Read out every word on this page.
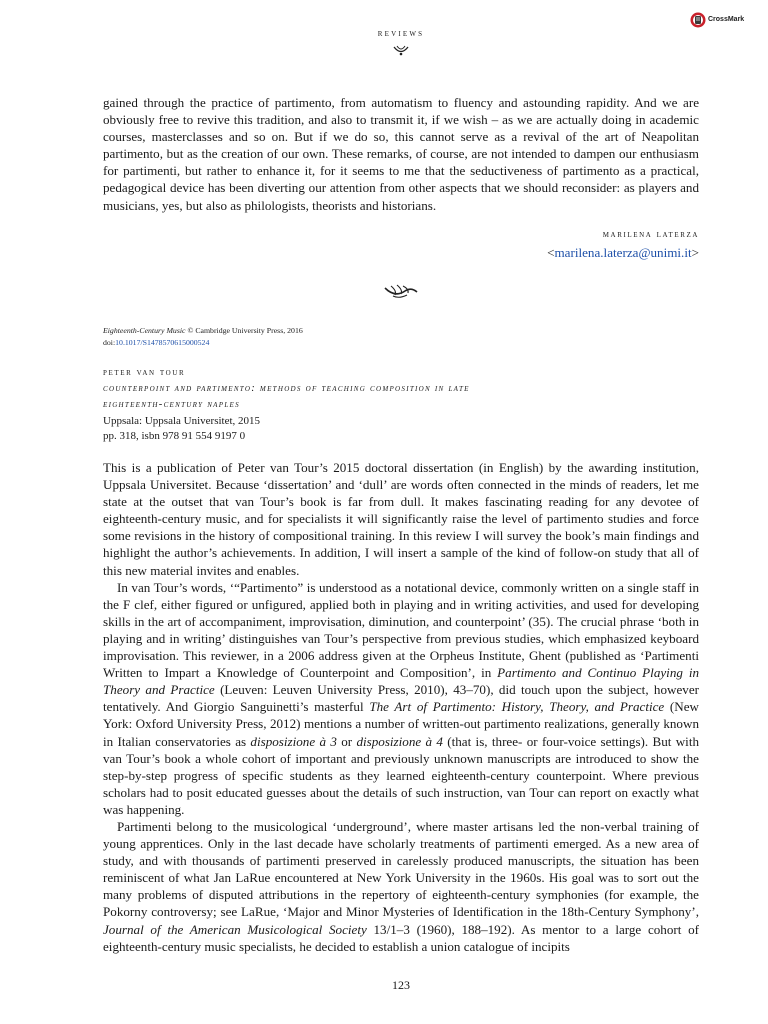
CrossMark
reviews

gained through the practice of partimento, from automatism to fluency and astounding rapidity. And we are obviously free to revive this tradition, and also to transmit it, if we wish – as we are actually doing in academic courses, masterclasses and so on. But if we do so, this cannot serve as a revival of the art of Neapolitan partimento, but as the creation of our own. These remarks, of course, are not intended to dampen our enthusiasm for partimenti, but rather to enhance it, for it seems to me that the seductiveness of partimento as a practical, pedagogical device has been diverting our attention from other aspects that we should reconsider: as players and musicians, yes, but also as philologists, theorists and historians.

marilena laterza
<marilena.laterza@unimi.it>
Eighteenth-Century Music © Cambridge University Press, 2016
doi:10.1017/S1478570615000524
peter van tour
counterpoint and partimento: methods of teaching composition in late
eighteenth-century naples
Uppsala: Uppsala Universitet, 2015
pp. 318, isbn 978 91 554 9197 0

This is a publication of Peter van Tour’s 2015 doctoral dissertation (in English) by the awarding institution, Uppsala Universitet. Because ‘dissertation’ and ‘dull’ are words often connected in the minds of readers, let me state at the outset that van Tour’s book is far from dull. It makes fascinating reading for any devotee of eighteenth-century music, and for specialists it will significantly raise the level of partimento studies and force some revisions in the history of compositional training. In this review I will survey the book’s main findings and highlight the author’s achievements. In addition, I will insert a sample of the kind of follow-on study that all of this new material invites and enables.

In van Tour’s words, ‘“Partimento” is understood as a notational device, commonly written on a single staff in the F clef, either figured or unfigured, applied both in playing and in writing activities, and used for developing skills in the art of accompaniment, improvisation, diminution, and counterpoint’ (35). The crucial phrase ‘both in playing and in writing’ distinguishes van Tour’s perspective from previous studies, which emphasized keyboard improvisation. This reviewer, in a 2006 address given at the Orpheus Institute, Ghent (published as ‘Partimenti Written to Impart a Knowledge of Counterpoint and Composition’, in Partimento and Continuo Playing in Theory and Practice (Leuven: Leuven University Press, 2010), 43–70), did touch upon the subject, however tentatively. And Giorgio Sanguinetti’s masterful The Art of Partimento: History, Theory, and Practice (New York: Oxford University Press, 2012) mentions a number of written-out partimento realizations, generally known in Italian conservatories as disposizione à 3 or disposizione à 4 (that is, three- or four-voice settings). But with van Tour’s book a whole cohort of important and previously unknown manuscripts are introduced to show the step-by-step progress of specific students as they learned eighteenth-century counterpoint. Where previous scholars had to posit educated guesses about the details of such instruction, van Tour can report on exactly what was happening.

Partimenti belong to the musicological ‘underground’, where master artisans led the non-verbal training of young apprentices. Only in the last decade have scholarly treatments of partimenti emerged. As a new area of study, and with thousands of partimenti preserved in carelessly produced manuscripts, the situation has been reminiscent of what Jan LaRue encountered at New York University in the 1960s. His goal was to sort out the many problems of disputed attributions in the repertory of eighteenth-century symphonies (for example, the Pokorny controversy; see LaRue, ‘Major and Minor Mysteries of Identification in the 18th-Century Symphony’, Journal of the American Musicological Society 13/1–3 (1960), 188–192). As mentor to a large cohort of eighteenth-century music specialists, he decided to establish a union catalogue of incipits

123
